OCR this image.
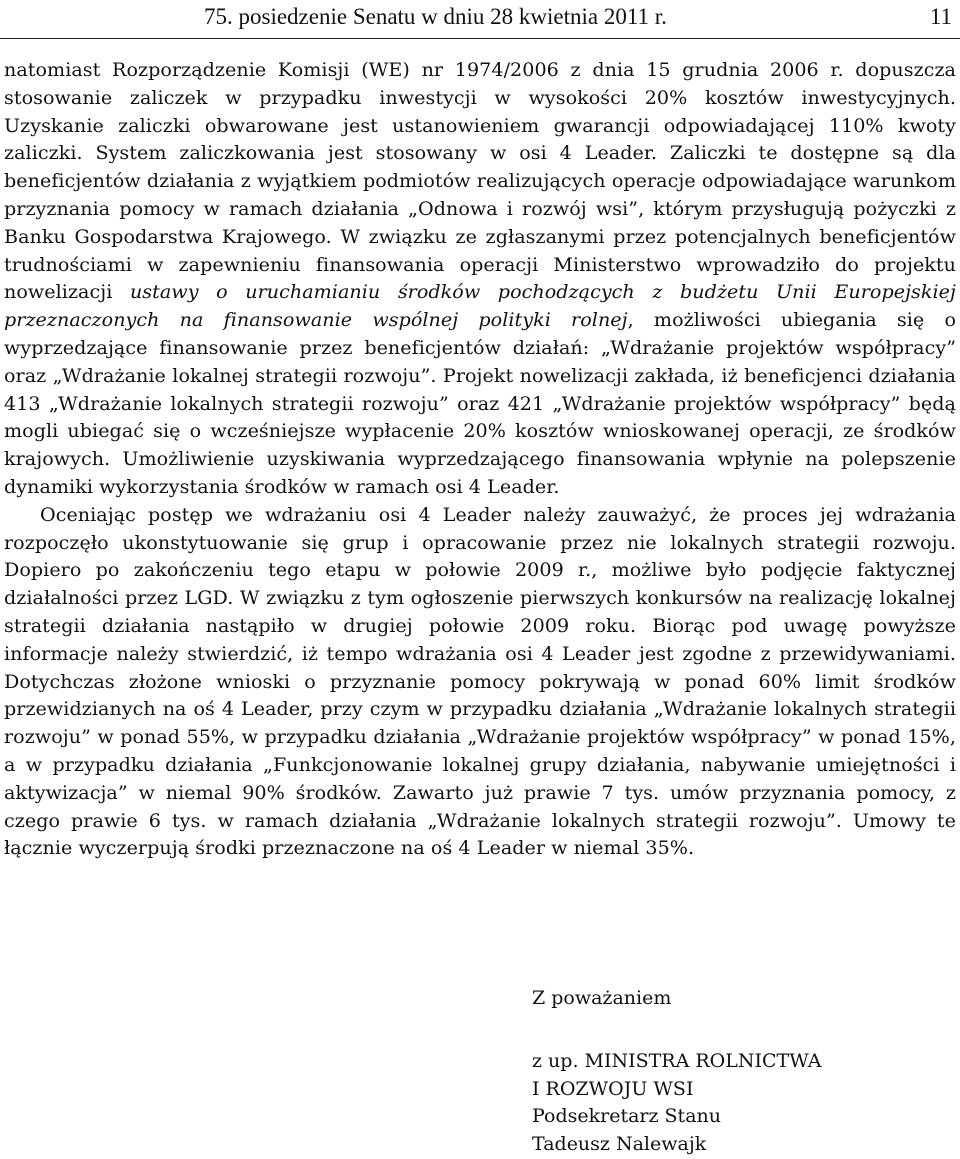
75. posiedzenie Senatu w dniu 28 kwietnia 2011 r.	11

natomiast Rozporządzenie Komisji (WE) nr 1974/2006 z dnia 15 grudnia 2006 r. dopuszcza stosowanie zaliczek w przypadku inwestycji w wysokości 20% kosztów inwestycyjnych. Uzyskanie zaliczki obwarowane jest ustanowieniem gwarancji odpowiadającej 110% kwoty zaliczki. System zaliczkowania jest stosowany w osi 4 Leader. Zaliczki te dostępne są dla beneficjentów działania z wyjątkiem podmiotów realizujących operacje odpowiadające warunkom przyznania pomocy w ramach działania „Odnowa i rozwój wsi”, którym przysługują pożyczki z Banku Gospodarstwa Krajowego. W związku ze zgłaszanymi przez potencjalnych beneficjentów trudnościami w zapewnieniu finansowania operacji Ministerstwo wprowadziło do projektu nowelizacji ustawy o uruchamianiu środków pochodzących z budżetu Unii Europejskiej przeznaczonych na finansowanie wspólnej polityki rolnej, możliwości ubiegania się o wyprzedzające finansowanie przez beneficjentów działań: „Wdrażanie projektów współpracy” oraz „Wdrażanie lokalnej strategii rozwoju”. Projekt nowelizacji zakłada, iż beneficjenci działania 413 „Wdrażanie lokalnych strategii rozwoju” oraz 421 „Wdrażanie projektów współpracy” będą mogli ubiegać się o wcześniejsze wypłacenie 20% kosztów wnioskowanej operacji, ze środków krajowych. Umożliwienie uzyskiwania wyprzedzającego finansowania wpłynie na polepszenie dynamiki wykorzystania środków w ramach osi 4 Leader.

Oceniając postęp we wdrażaniu osi 4 Leader należy zauważyć, że proces jej wdrażania rozpoczęło ukonstytuowanie się grup i opracowanie przez nie lokalnych strategii rozwoju. Dopiero po zakończeniu tego etapu w połowie 2009 r., możliwe było podjęcie faktycznej działalności przez LGD. W związku z tym ogłoszenie pierwszych konkursów na realizację lokalnej strategii działania nastąpiło w drugiej połowie 2009 roku. Biorąc pod uwagę powyższe informacje należy stwierdzić, iż tempo wdrażania osi 4 Leader jest zgodne z przewidywaniami. Dotychczas złożone wnioski o przyznanie pomocy pokrywają w ponad 60% limit środków przewidzianych na oś 4 Leader, przy czym w przypadku działania „Wdrażanie lokalnych strategii rozwoju” w ponad 55%, w przypadku działania „Wdrażanie projektów współpracy” w ponad 15%, a w przypadku działania „Funkcjonowanie lokalnej grupy działania, nabywanie umiejętności i aktywizacja” w niemal 90% środków. Zawarto już prawie 7 tys. umów przyznania pomocy, z czego prawie 6 tys. w ramach działania „Wdrażanie lokalnych strategii rozwoju”. Umowy te łącznie wyczerpują środki przeznaczone na oś 4 Leader w niemal 35%.

Z poważaniem
z up. MINISTRA ROLNICTWA
I ROZWOJU WSI
Podsekretarz Stanu
Tadeusz Nalewajk
